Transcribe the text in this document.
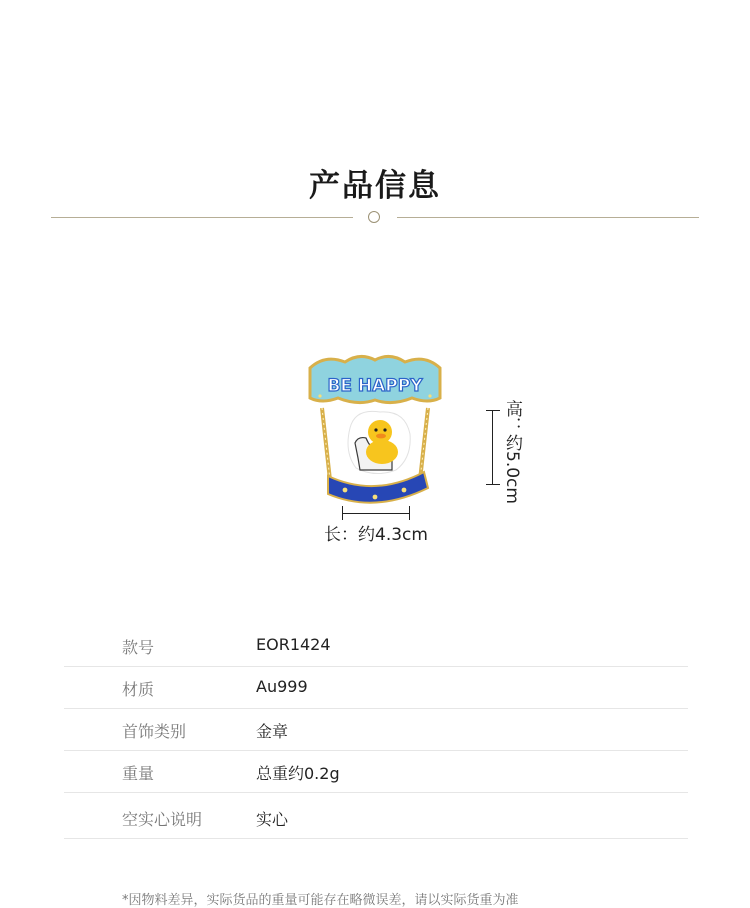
产品信息
BE HAPPY
高：约5.0cm
长：约4.3cm
款号	EOR1424
材质	Au999
首饰类别	金章
重量	总重约0.2g
空实心说明	实心
*因物料差异，实际货品的重量可能存在略微误差，请以实际货重为准
